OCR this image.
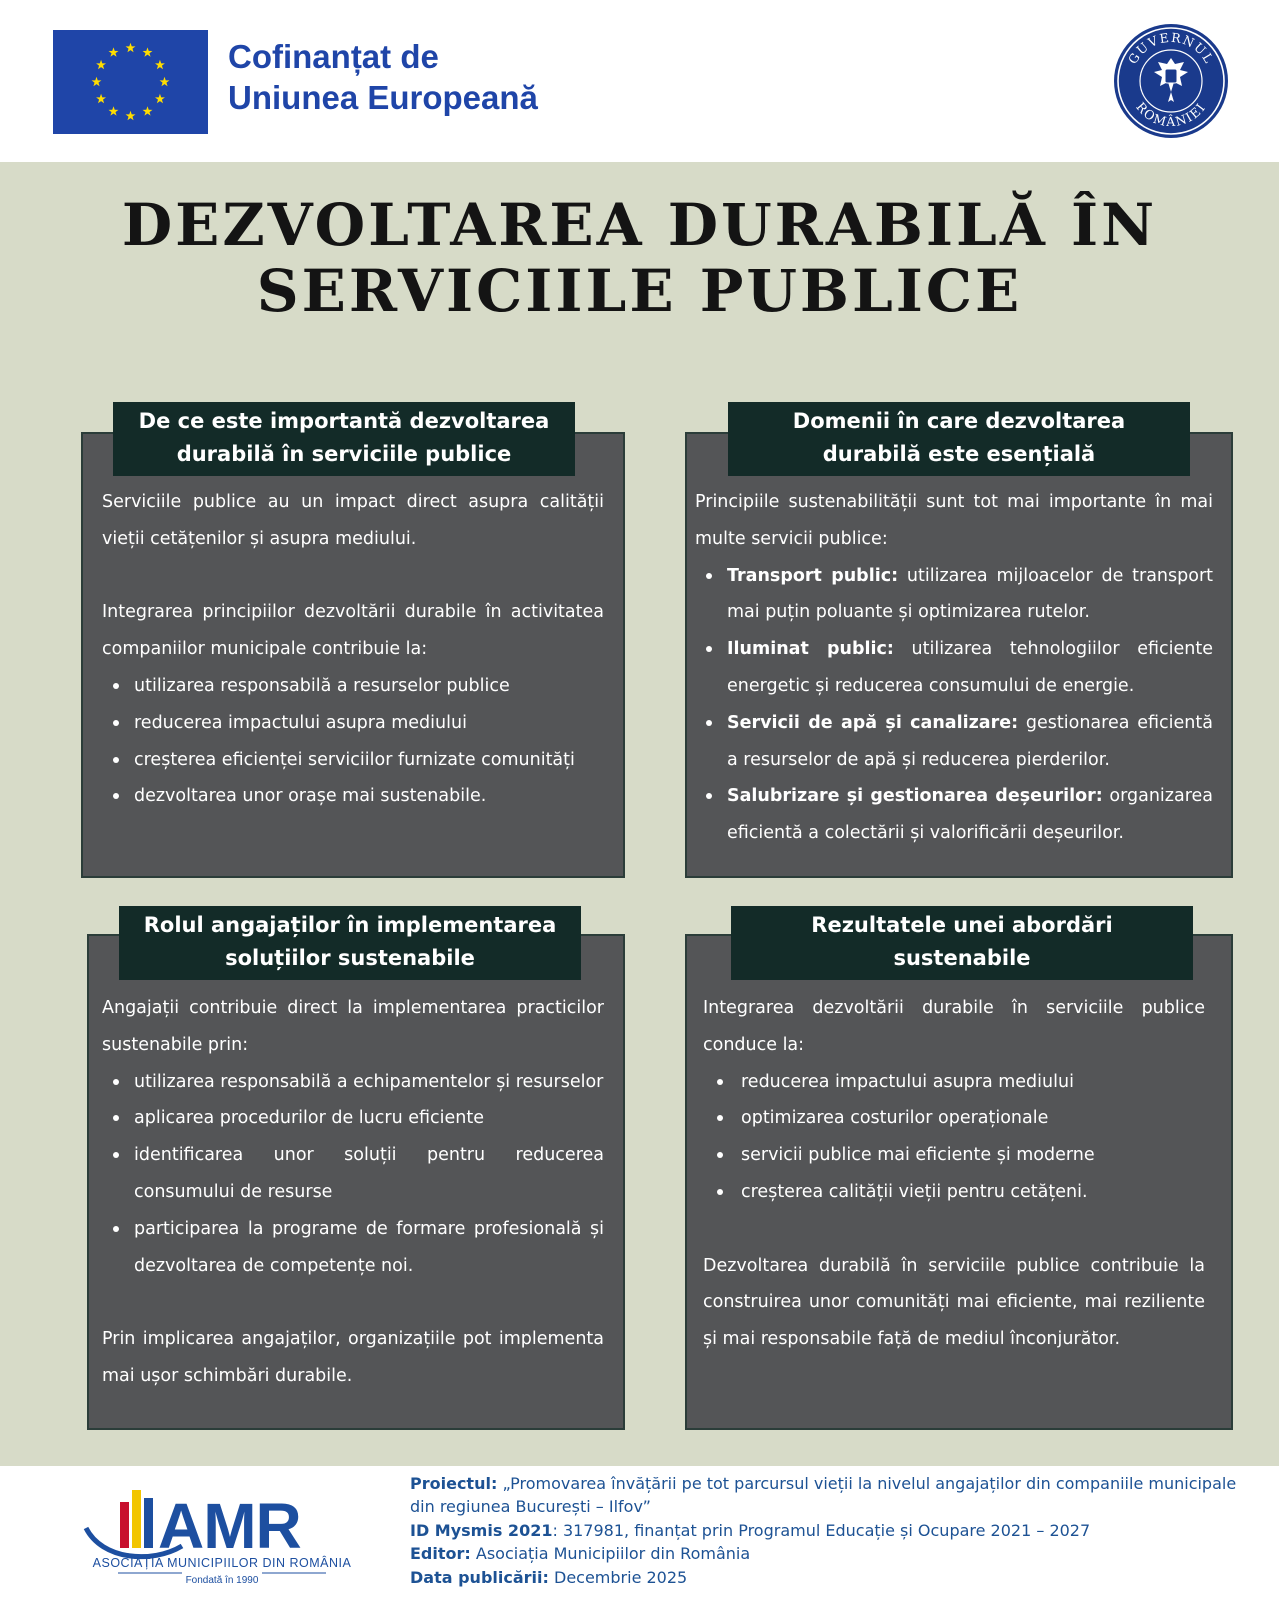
Cofinanțat de
Uniunea Europeană
GUVERNUL
ROMÂNIEI
DEZVOLTAREA DURABILĂ ÎN
SERVICIILE PUBLICE
De ce este importantă dezvoltarea
durabilă în serviciile publice

Serviciile publice au un impact direct asupra calității vieții cetățenilor și asupra mediului.

Integrarea principiilor dezvoltării durabile în activitatea companiilor municipale contribuie la:

utilizarea responsabilă a resurselor publice
reducerea impactului asupra mediului
creșterea eficienței serviciilor furnizate comunități
dezvoltarea unor orașe mai sustenabile.
Domenii în care dezvoltarea
durabilă este esențială

Principiile sustenabilității sunt tot mai importante în mai multe servicii publice:

Transport public: utilizarea mijloacelor de transport mai puțin poluante și optimizarea rutelor.
Iluminat public: utilizarea tehnologiilor eficiente energetic și reducerea consumului de energie.
Servicii de apă și canalizare: gestionarea eficientă a resurselor de apă și reducerea pierderilor.
Salubrizare și gestionarea deșeurilor: organizarea eficientă a colectării și valorificării deșeurilor.
Rolul angajaților în implementarea
soluțiilor sustenabile

Angajații contribuie direct la implementarea practicilor sustenabile prin:

utilizarea responsabilă a echipamentelor și resurselor
aplicarea procedurilor de lucru eficiente
identificarea unor soluții pentru reducerea consumului de resurse
participarea la programe de formare profesională și dezvoltarea de competențe noi.

Prin implicarea angajaților, organizațiile pot implementa mai ușor schimbări durabile.

Rezultatele unei abordări
sustenabile

Integrarea dezvoltării durabile în serviciile publice conduce la:

reducerea impactului asupra mediului
optimizarea costurilor operaționale
servicii publice mai eficiente și moderne
creșterea calității vieții pentru cetățeni.

Dezvoltarea durabilă în serviciile publice contribuie la construirea unor comunități mai eficiente, mai reziliente și mai responsabile față de mediul înconjurător.

AMR
ASOCIAȚIA MUNICIPIILOR DIN ROMÂNIA
Fondată în 1990
Proiectul: „Promovarea învățării pe tot parcursul vieții la nivelul angajaților din companiile municipale din regiunea București – Ilfov”
ID Mysmis 2021: 317981, finanțat prin Programul Educație și Ocupare 2021 – 2027
Editor: Asociația Municipiilor din România
Data publicării: Decembrie 2025
